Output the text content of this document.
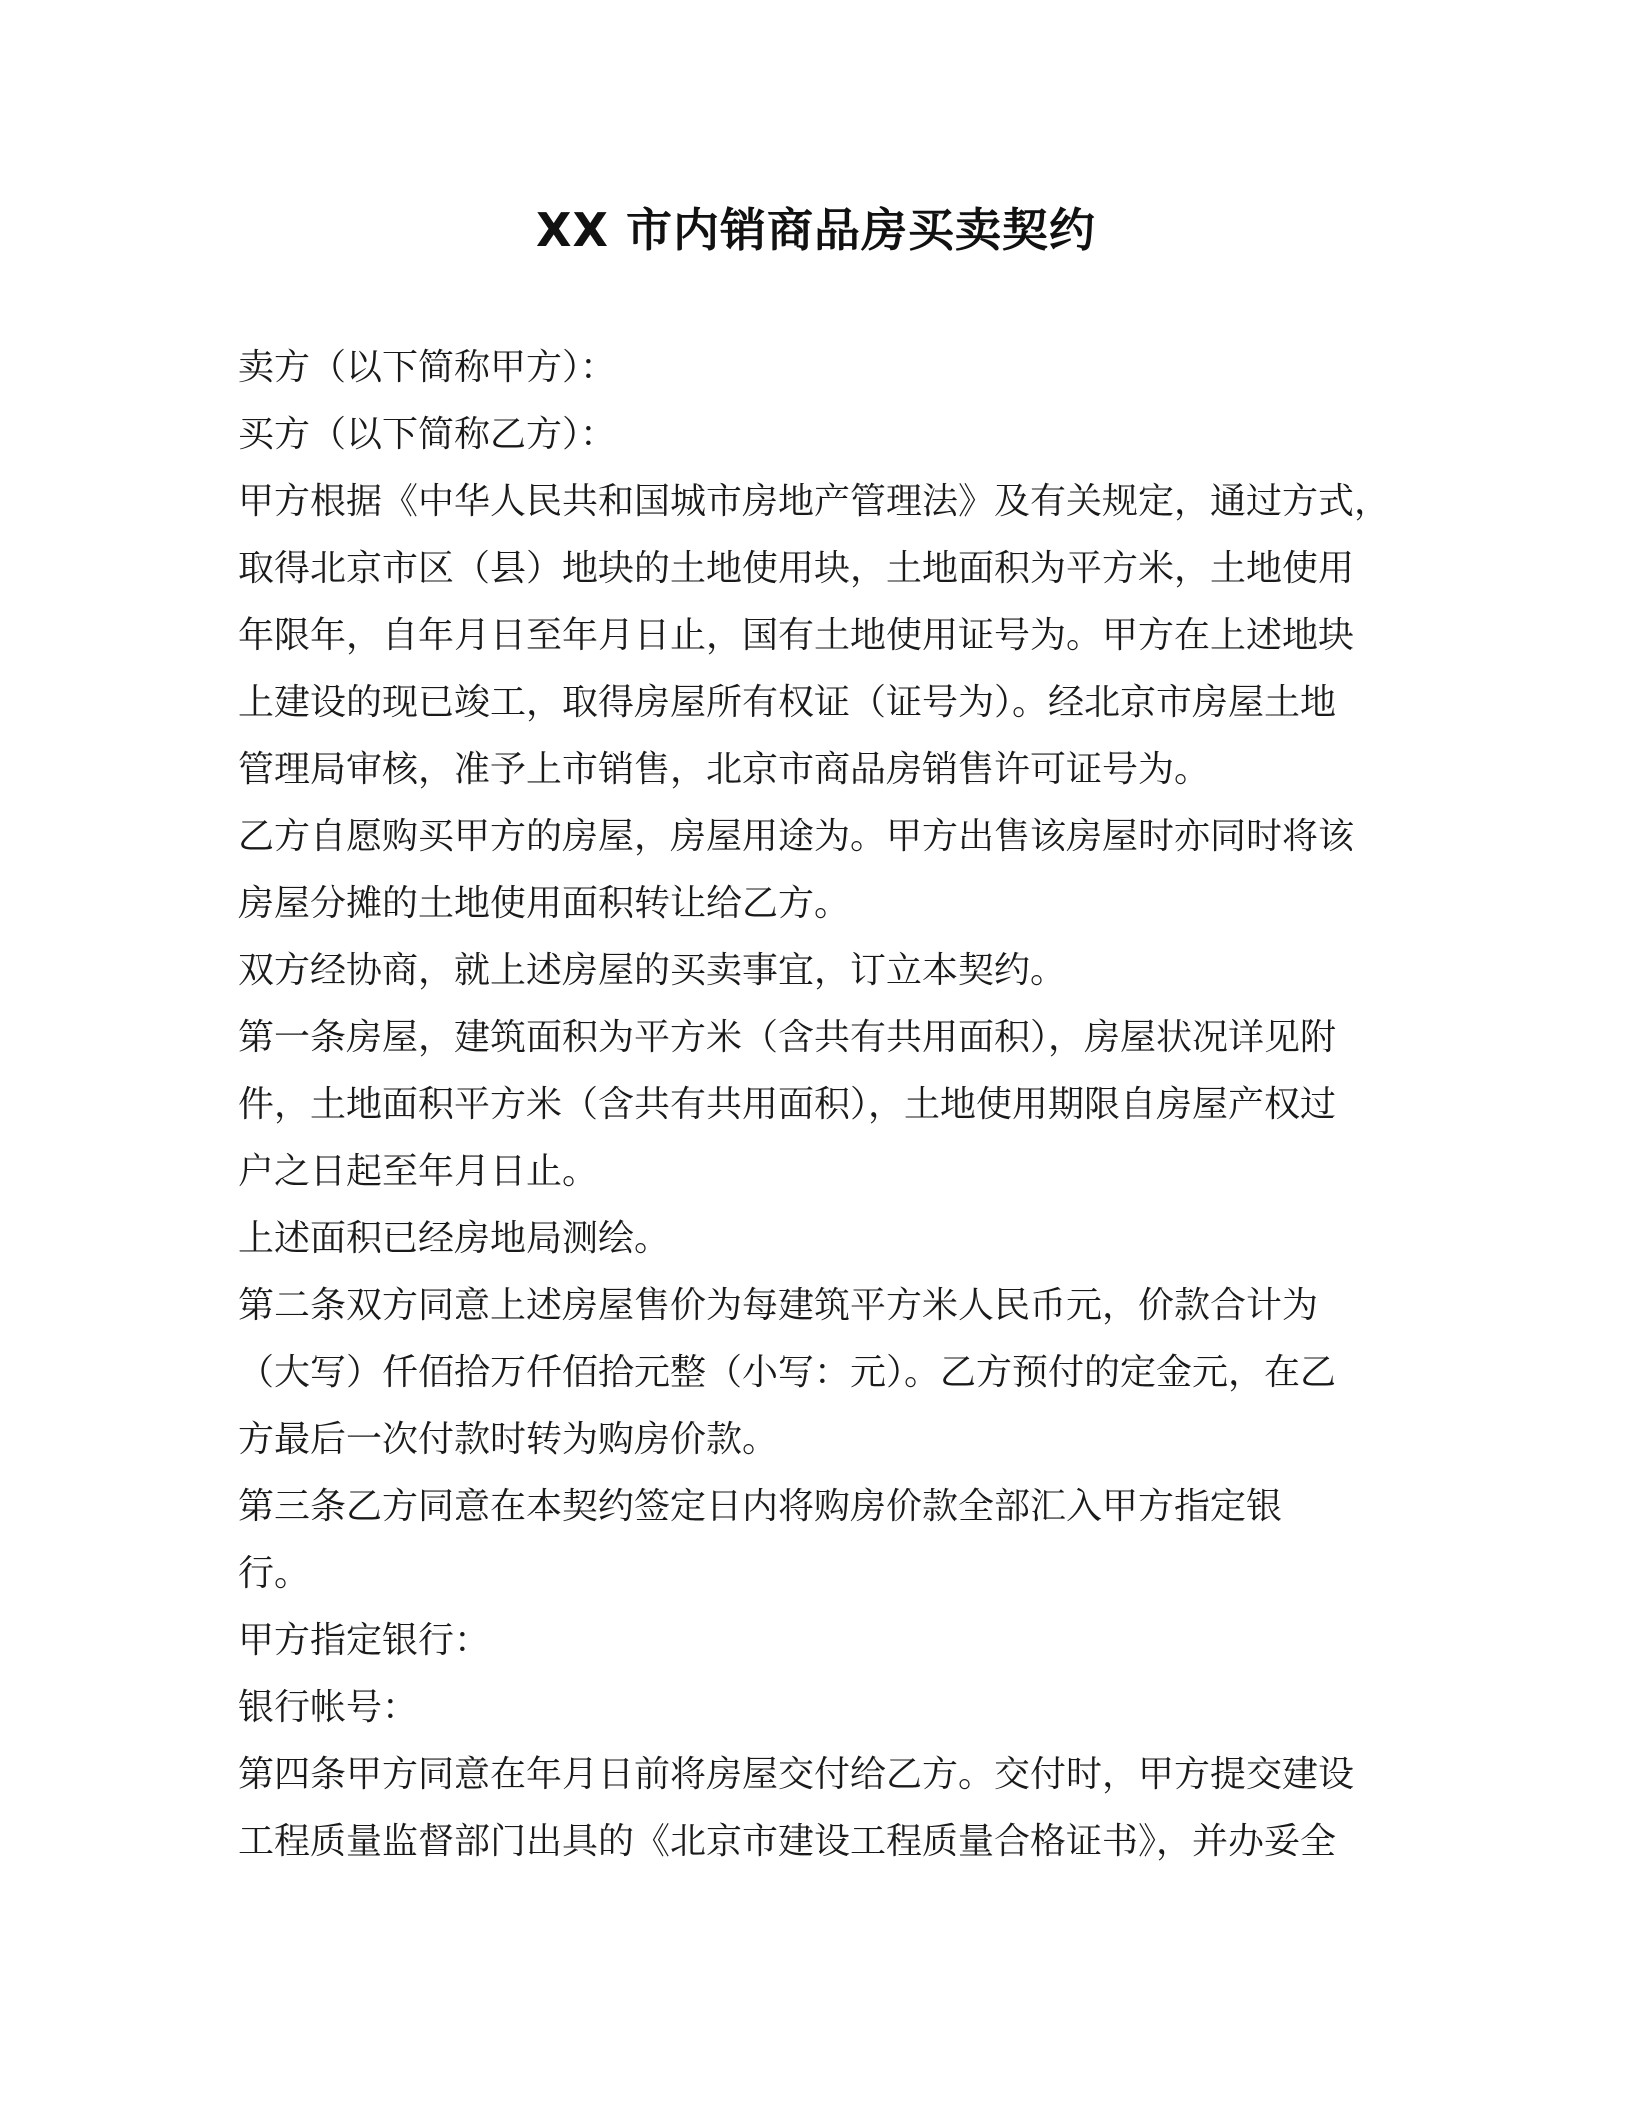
XX 市内销商品房买卖契约
卖方（以下简称甲方）：
买方（以下简称乙方）：
甲方根据《中华人民共和国城市房地产管理法》及有关规定，通过方式，
取得北京市区（县）地块的土地使用块，土地面积为平方米，土地使用
年限年，自年月日至年月日止，国有土地使用证号为。甲方在上述地块
上建设的现已竣工，取得房屋所有权证（证号为）。经北京市房屋土地
管理局审核，准予上市销售，北京市商品房销售许可证号为。
乙方自愿购买甲方的房屋，房屋用途为。甲方出售该房屋时亦同时将该
房屋分摊的土地使用面积转让给乙方。
双方经协商，就上述房屋的买卖事宜，订立本契约。
第一条房屋，建筑面积为平方米（含共有共用面积），房屋状况详见附
件，土地面积平方米（含共有共用面积），土地使用期限自房屋产权过
户之日起至年月日止。
上述面积已经房地局测绘。
第二条双方同意上述房屋售价为每建筑平方米人民币元，价款合计为
（大写）仟佰拾万仟佰拾元整（小写：元）。乙方预付的定金元，在乙
方最后一次付款时转为购房价款。
第三条乙方同意在本契约签定日内将购房价款全部汇入甲方指定银
行。
甲方指定银行：
银行帐号：
第四条甲方同意在年月日前将房屋交付给乙方。交付时，甲方提交建设
工程质量监督部门出具的《北京市建设工程质量合格证书》，并办妥全
